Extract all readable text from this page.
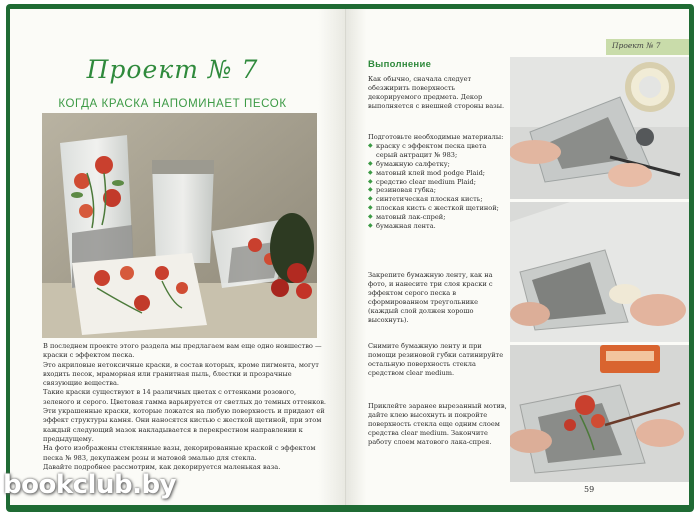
Проект № 7
КОГДА КРАСКА НАПОМИНАЕТ ПЕСОК

В последнем проекте этого раздела мы предлагаем вам еще одно новшество — краски с эффектом песка.

Это акриловые нетоксичные краски, в состав которых, кроме пигмента, могут входить песок, мраморная или гранитная пыль, блестки и прозрачные связующие вещества.

Такие краски существуют в 14 различных цветах с оттенками розового, зеленого и серого. Цветовая гамма варьируется от светлых до темных оттенков.

Эти украшенные краски, которые ложатся на любую поверхность и придают ей эффект структуры камня. Они наносятся кистью с жесткой щетиной, при этом каждый следующий мазок накладывается в перекрестном направлении к предыдущему.

На фото изображены стеклянные вазы, декорированные краской с эффектом песка № 983, декупажем розы и матовой эмалью для стекла.

Давайте подробнее рассмотрим, как декорируется маленькая ваза.

Проект № 7
Выполнение

Как обычно, сначала следует обезжирить поверхность декорируемого предмета. Декор выполняется с внешней стороны вазы.

Подготовьте необходимые материалы:

◆ краску с эффектом песка цвета серый антрацит № 983;
◆ бумажную салфетку;
◆ матовый клей mod podge Plaid;
◆ средство clear medium Plaid;
◆ резиновая губка;
◆ синтетическая плоская кисть;
◆ плоская кисть с жесткой щетиной;
◆ матовый лак-спрей;
◆ бумажная лента.

Закрепите бумажную ленту, как на фото, и нанесите три слоя краски с эффектом серого песка в сформированном треугольнике (каждый слой должен хорошо высохнуть).

Снимите бумажную ленту и при помощи резиновой губки сатинируйте остальную поверхность стекла средством clear medium.

Приклейте заранее вырезанный мотив, дайте клею высохнуть и покройте поверхность стекла еще одним слоем средства clear medium. Закончите работу слоем матового лака-спрея.

59
bookclub.by
